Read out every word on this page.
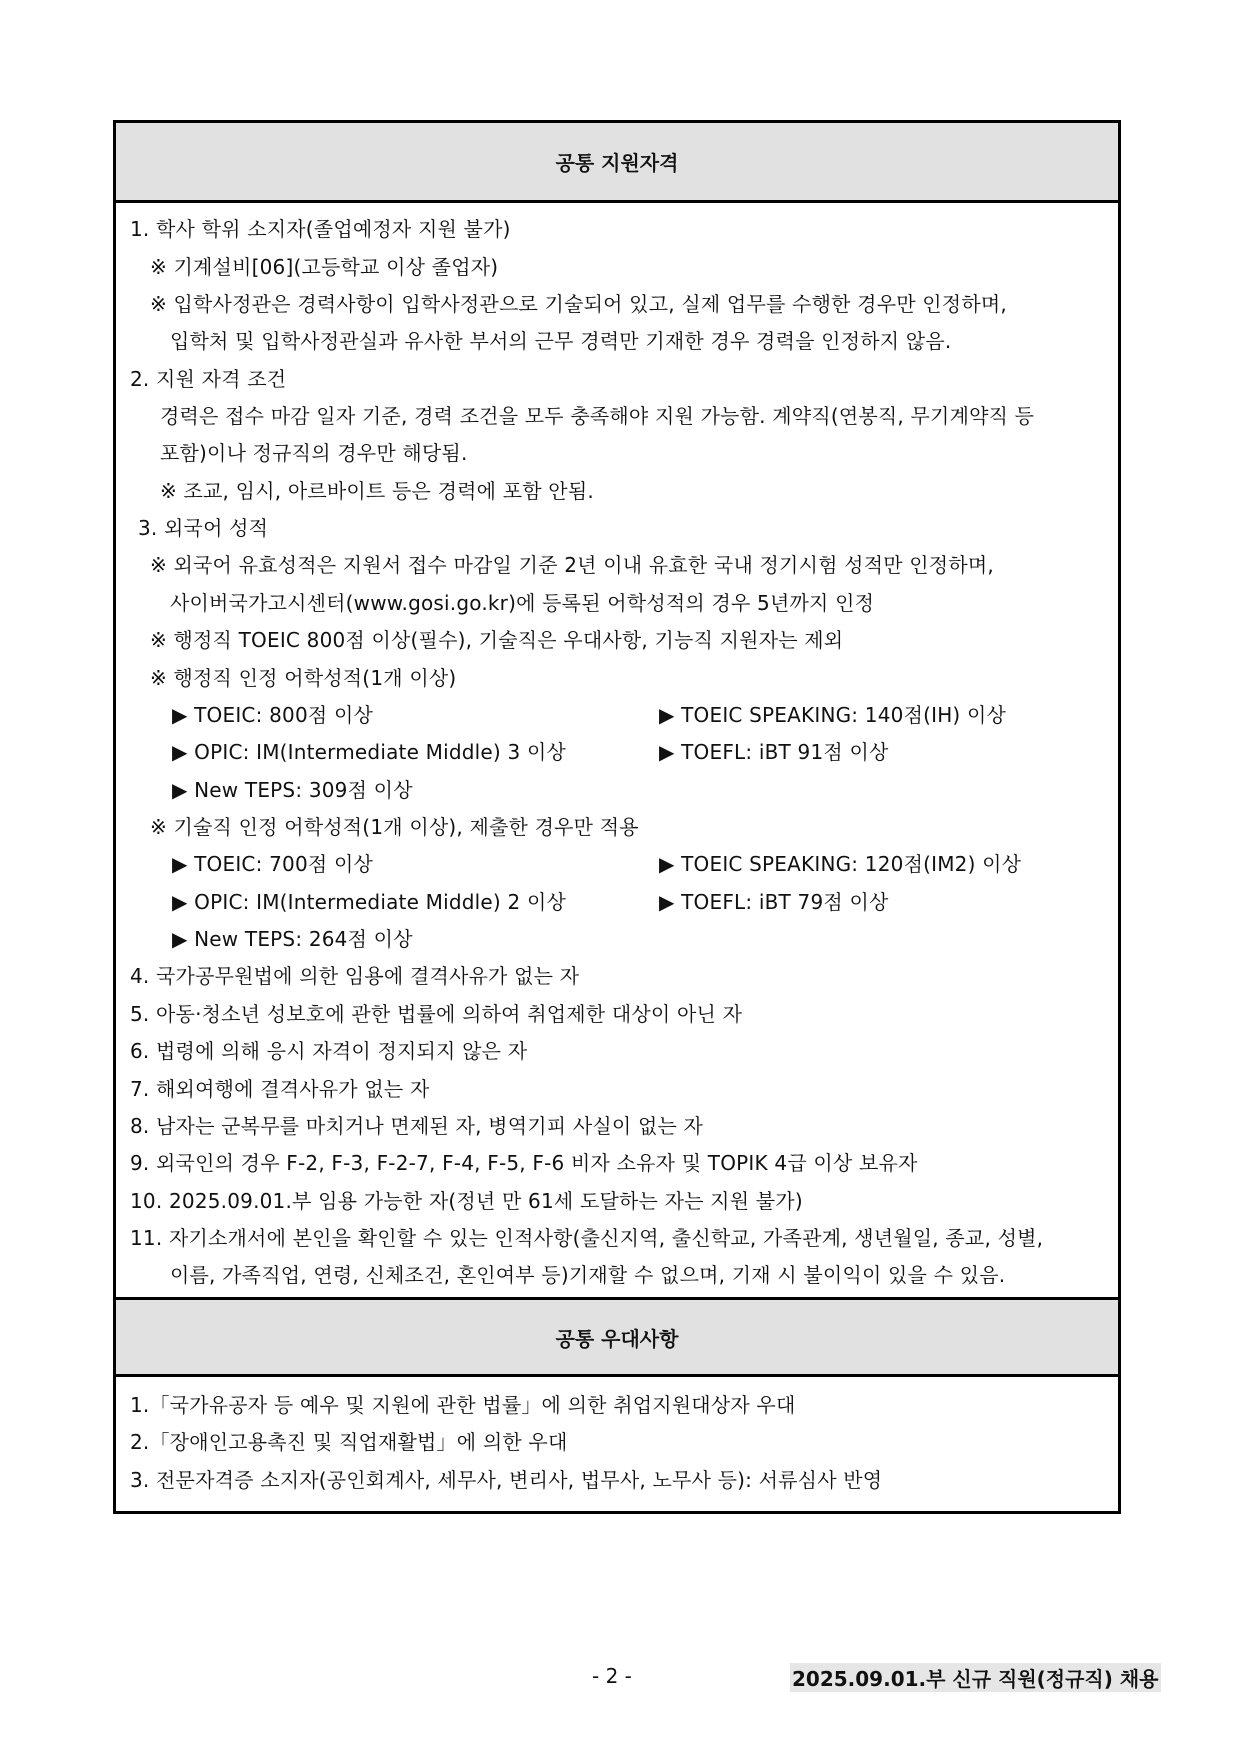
공통 지원자격
공통 우대사항
1. 학사 학위 소지자(졸업예정자 지원 불가)
※ 기계설비[06](고등학교 이상 졸업자)
※ 입학사정관은 경력사항이 입학사정관으로 기술되어 있고, 실제 업무를 수행한 경우만 인정하며,
입학처 및 입학사정관실과 유사한 부서의 근무 경력만 기재한 경우 경력을 인정하지 않음.
2. 지원 자격 조건
경력은 접수 마감 일자 기준, 경력 조건을 모두 충족해야 지원 가능함. 계약직(연봉직, 무기계약직 등
포함)이나 정규직의 경우만 해당됨.
※ 조교, 임시, 아르바이트 등은 경력에 포함 안됨.
3. 외국어 성적
※ 외국어 유효성적은 지원서 접수 마감일 기준 2년 이내 유효한 국내 정기시험 성적만 인정하며,
사이버국가고시센터(www.gosi.go.kr)에 등록된 어학성적의 경우 5년까지 인정
※ 행정직 TOEIC 800점 이상(필수), 기술직은 우대사항, 기능직 지원자는 제외
※ 행정직 인정 어학성적(1개 이상)
▶ TOEIC: 800점 이상	▶ TOEIC SPEAKING: 140점(IH) 이상
▶ OPIC: IM(Intermediate Middle) 3 이상	▶ TOEFL: iBT 91점 이상
▶ New TEPS: 309점 이상
※ 기술직 인정 어학성적(1개 이상), 제출한 경우만 적용
▶ TOEIC: 700점 이상	▶ TOEIC SPEAKING: 120점(IM2) 이상
▶ OPIC: IM(Intermediate Middle) 2 이상	▶ TOEFL: iBT 79점 이상
▶ New TEPS: 264점 이상
4. 국가공무원법에 의한 임용에 결격사유가 없는 자
5. 아동·청소년 성보호에 관한 법률에 의하여 취업제한 대상이 아닌 자
6. 법령에 의해 응시 자격이 정지되지 않은 자
7. 해외여행에 결격사유가 없는 자
8. 남자는 군복무를 마치거나 면제된 자, 병역기피 사실이 없는 자
9. 외국인의 경우 F-2, F-3, F-2-7, F-4, F-5, F-6 비자 소유자 및 TOPIK 4급 이상 보유자
10. 2025.09.01.부 임용 가능한 자(정년 만 61세 도달하는 자는 지원 불가)
11. 자기소개서에 본인을 확인할 수 있는 인적사항(출신지역, 출신학교, 가족관계, 생년월일, 종교, 성별,
이름, 가족직업, 연령, 신체조건, 혼인여부 등)기재할 수 없으며, 기재 시 불이익이 있을 수 있음.
1.「국가유공자 등 예우 및 지원에 관한 법률」에 의한 취업지원대상자 우대
2.「장애인고용촉진 및 직업재활법」에 의한 우대
3. 전문자격증 소지자(공인회계사, 세무사, 변리사, 법무사, 노무사 등): 서류심사 반영
- 2 -	2025.09.01.부 신규 직원(정규직) 채용
